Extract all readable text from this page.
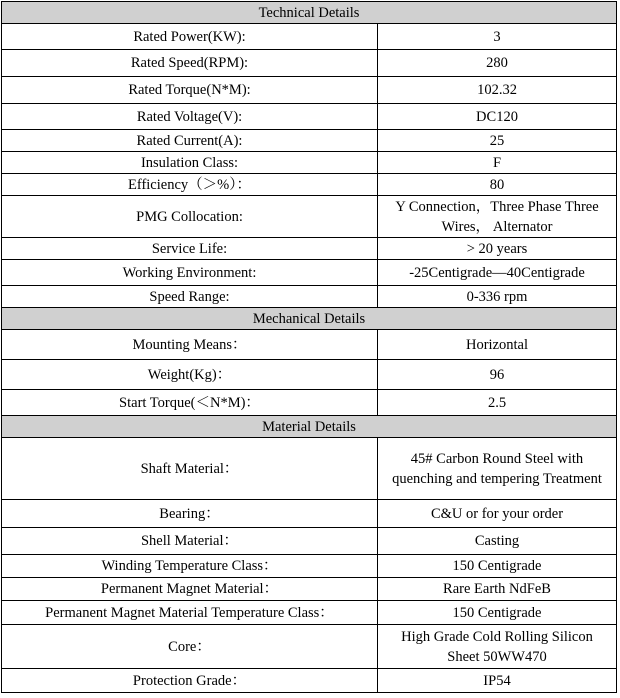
Technical Details	
Rated Power(KW):	3
Rated Speed(RPM):	280
Rated Torque(N*M):	102.32
Rated Voltage(V):	DC120
Rated Current(A):	25
Insulation Class:	F
Efficiency（＞%）：	80
PMG Collocation:	Y Connection，Three Phase Three Wires， Alternator
Service Life:	> 20 years
Working Environment:	-25Centigrade—40Centigrade
Speed Range:	0-336 rpm
Mechanical Details	
Mounting Means：	Horizontal
Weight(Kg)：	96
Start Torque(＜N*M)：	2.5
Material Details	
Shaft Material：	45# Carbon Round Steel with quenching and tempering Treatment
Bearing：	C&U or for your order
Shell Material：	Casting
Winding Temperature Class：	150 Centigrade
Permanent Magnet Material：	Rare Earth NdFeB
Permanent Magnet Material Temperature Class：	150 Centigrade
Core：	High Grade Cold Rolling Silicon Sheet 50WW470
Protection Grade：	IP54
